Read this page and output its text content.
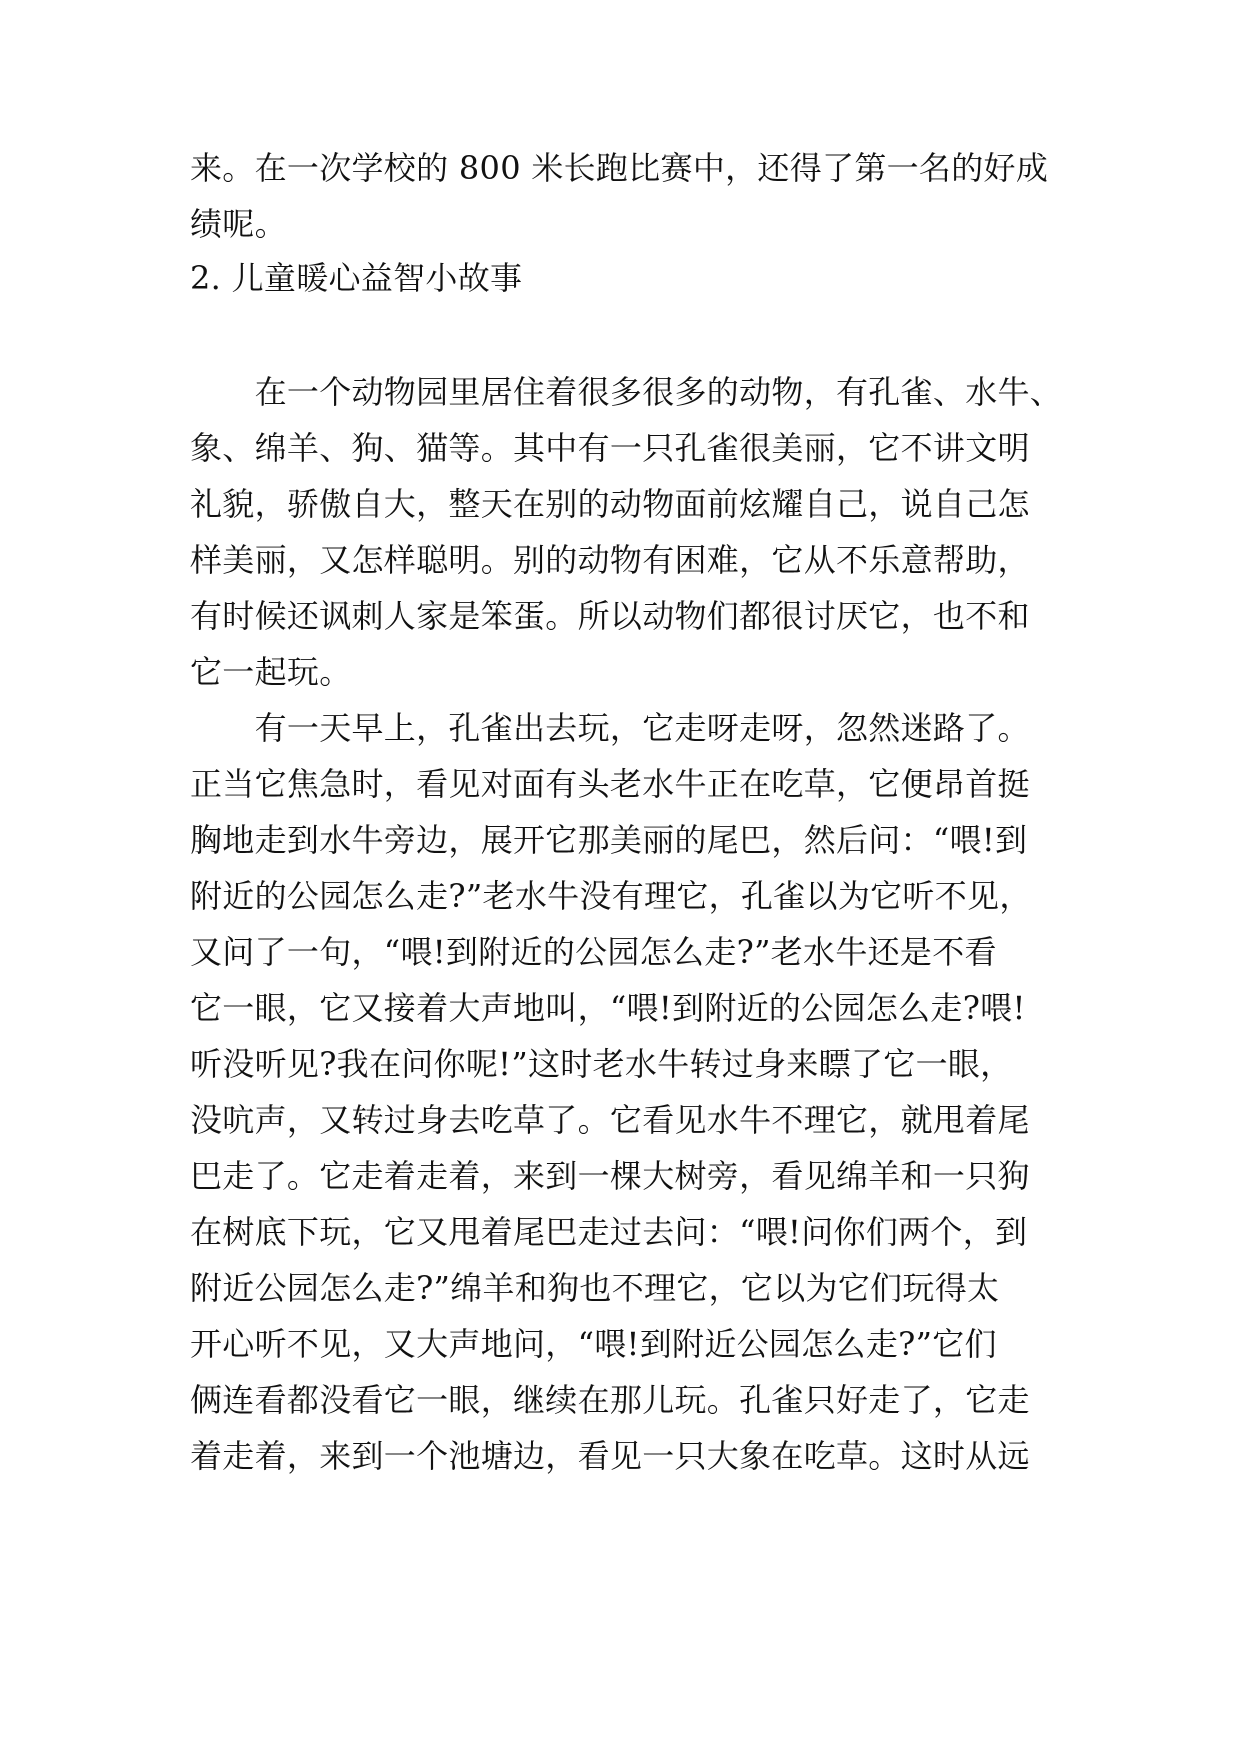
来。在一次学校的 800 米长跑比赛中，还得了第一名的好成
绩呢。
2. 儿童暖心益智小故事
　　在一个动物园里居住着很多很多的动物，有孔雀、水牛、
象、绵羊、狗、猫等。其中有一只孔雀很美丽，它不讲文明
礼貌，骄傲自大，整天在别的动物面前炫耀自己，说自己怎
样美丽，又怎样聪明。别的动物有困难，它从不乐意帮助，
有时候还讽刺人家是笨蛋。所以动物们都很讨厌它，也不和
它一起玩。
　　有一天早上，孔雀出去玩，它走呀走呀，忽然迷路了。
正当它焦急时，看见对面有头老水牛正在吃草，它便昂首挺
胸地走到水牛旁边，展开它那美丽的尾巴，然后问：“喂!到
附近的公园怎么走?”老水牛没有理它，孔雀以为它听不见，
又问了一句，“喂!到附近的公园怎么走?”老水牛还是不看
它一眼，它又接着大声地叫，“喂!到附近的公园怎么走?喂!
听没听见?我在问你呢!”这时老水牛转过身来瞟了它一眼，
没吭声，又转过身去吃草了。它看见水牛不理它，就甩着尾
巴走了。它走着走着，来到一棵大树旁，看见绵羊和一只狗
在树底下玩，它又甩着尾巴走过去问：“喂!问你们两个，到
附近公园怎么走?”绵羊和狗也不理它，它以为它们玩得太
开心听不见，又大声地问，“喂!到附近公园怎么走?”它们
俩连看都没看它一眼，继续在那儿玩。孔雀只好走了，它走
着走着，来到一个池塘边，看见一只大象在吃草。这时从远
